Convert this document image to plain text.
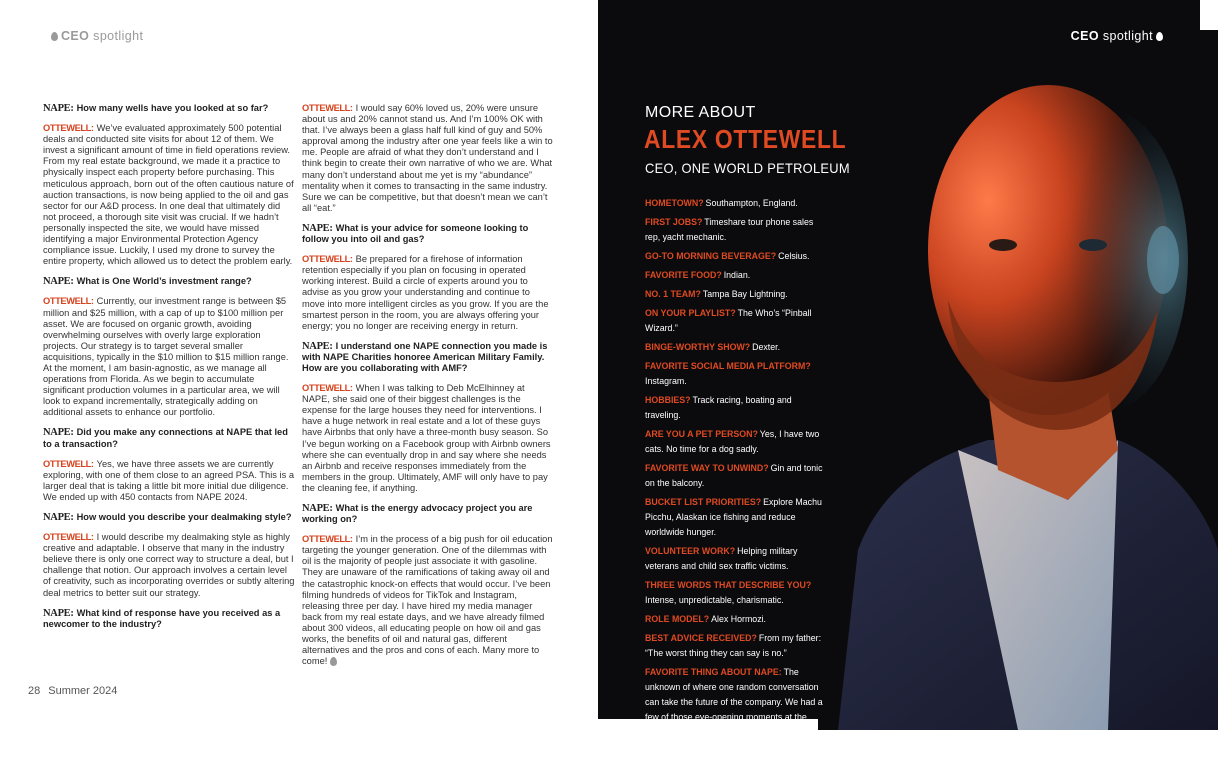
CEO spotlight

NAPE: How many wells have you looked at so far?

OTTEWELL: We’ve evaluated approximately 500 potential deals and conducted site visits for about 12 of them. We invest a significant amount of time in field operations review. From my real estate background, we made it a practice to physically inspect each property before purchasing. This meticulous approach, born out of the often cautious nature of auction transactions, is now being applied to the oil and gas sector for our A&D process. In one deal that ultimately did not proceed, a thorough site visit was crucial. If we hadn’t personally inspected the site, we would have missed identifying a major Environmental Protection Agency compliance issue. Luckily, I used my drone to survey the entire property, which allowed us to detect the problem early.

NAPE: What is One World’s investment range?

OTTEWELL: Currently, our investment range is between $5 million and $25 million, with a cap of up to $100 million per asset. We are focused on organic growth, avoiding overwhelming ourselves with overly large exploration projects. Our strategy is to target several smaller acquisitions, typically in the $10 million to $15 million range. At the moment, I am basin-agnostic, as we manage all operations from Florida. As we begin to accumulate significant production volumes in a particular area, we will look to expand incrementally, strategically adding on additional assets to enhance our portfolio.

NAPE: Did you make any connections at NAPE that led to a transaction?

OTTEWELL: Yes, we have three assets we are currently exploring, with one of them close to an agreed PSA. This is a larger deal that is taking a little bit more initial due diligence. We ended up with 450 contacts from NAPE 2024.

NAPE: How would you describe your dealmaking style?

OTTEWELL: I would describe my dealmaking style as highly creative and adaptable. I observe that many in the industry believe there is only one correct way to structure a deal, but I challenge that notion. Our approach involves a certain level of creativity, such as incorporating overrides or subtly altering deal metrics to better suit our strategy.

NAPE: What kind of response have you received as a newcomer to the industry?

OTTEWELL: I would say 60% loved us, 20% were unsure about us and 20% cannot stand us. And I’m 100% OK with that. I’ve always been a glass half full kind of guy and 50% approval among the industry after one year feels like a win to me. People are afraid of what they don’t understand and I think begin to create their own narrative of who we are. What many don’t understand about me yet is my “abundance” mentality when it comes to transacting in the same industry. Sure we can be competitive, but that doesn’t mean we can’t all “eat.”

NAPE: What is your advice for someone looking to follow you into oil and gas?

OTTEWELL: Be prepared for a firehose of information retention especially if you plan on focusing in operated working interest. Build a circle of experts around you to advise as you grow your understanding and continue to move into more intelligent circles as you grow. If you are the smartest person in the room, you are always offering your energy; you no longer are receiving energy in return.

NAPE: I understand one NAPE connection you made is with NAPE Charities honoree American Military Family. How are you collaborating with AMF?

OTTEWELL: When I was talking to Deb McElhinney at NAPE, she said one of their biggest challenges is the expense for the large houses they need for interventions. I have a huge network in real estate and a lot of these guys have Airbnbs that only have a three-month busy season. So I’ve begun working on a Facebook group with Airbnb owners where she can eventually drop in and say where she needs an Airbnb and receive responses immediately from the members in the group. Ultimately, AMF will only have to pay the cleaning fee, if anything.

NAPE: What is the energy advocacy project you are working on?

OTTEWELL: I’m in the process of a big push for oil education targeting the younger generation. One of the dilemmas with oil is the majority of people just associate it with gasoline. They are unaware of the ramifications of taking away oil and the catastrophic knock-on effects that would occur. I’ve been filming hundreds of videos for TikTok and Instagram, releasing three per day. I have hired my media manager back from my real estate days, and we have already filmed about 300 videos, all educating people on how oil and gas works, the benefits of oil and natural gas, different alternatives and the pros and cons of each. Many more to come!

28 Summer 2024
CEO spotlight
MORE ABOUT
ALEX OTTEWELL
CEO, ONE WORLD PETROLEUM
HOMETOWN? Southampton, England.
FIRST JOBS? Timeshare tour phone sales rep, yacht mechanic.
GO-TO MORNING BEVERAGE? Celsius.
FAVORITE FOOD? Indian.
NO. 1 TEAM? Tampa Bay Lightning.
ON YOUR PLAYLIST? The Who’s “Pinball Wizard.”
BINGE-WORTHY SHOW? Dexter.
FAVORITE SOCIAL MEDIA PLATFORM?Instagram.
HOBBIES? Track racing, boating and traveling.
ARE YOU A PET PERSON? Yes, I have two cats. No time for a dog sadly.
FAVORITE WAY TO UNWIND? Gin and tonic on the balcony.
BUCKET LIST PRIORITIES? Explore Machu Picchu, Alaskan ice fishing and reduce worldwide hunger.
VOLUNTEER WORK? Helping military veterans and child sex traffic victims.
THREE WORDS THAT DESCRIBE YOU?Intense, unpredictable, charismatic.
ROLE MODEL? Alex Hormozi.
BEST ADVICE RECEIVED? From my father: “The worst thing they can say is no.”
FAVORITE THING ABOUT NAPE: The unknown of where one random conversation can take the future of the company. We had a few of those eye-opening moments at the 2024 NAPE Summit and wish to create even more great networks in 2025.
